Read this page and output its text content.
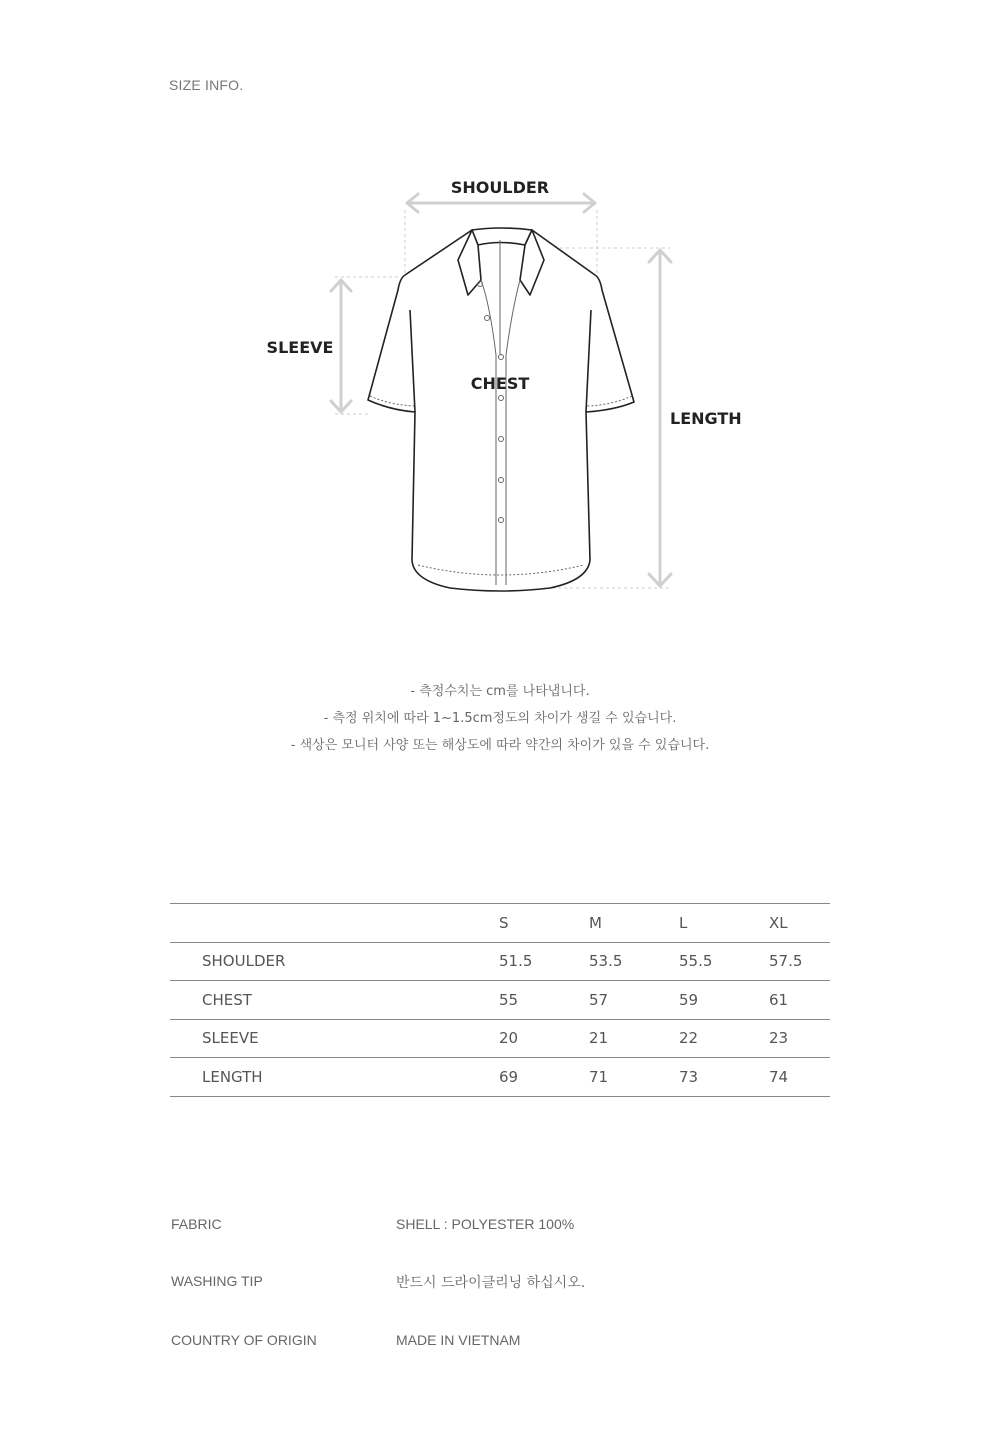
SIZE INFO.
SHOULDER
SLEEVE
CHEST
LENGTH
- 측정수치는 cm를 나타냅니다.
- 측정 위치에 따라 1~1.5cm정도의 차이가 생길 수 있습니다.
- 색상은 모니터 사양 또는 해상도에 따라 약간의 차이가 있을 수 있습니다.
	S	M	L	XL
SHOULDER	51.5	53.5	55.5	57.5
CHEST	55	57	59	61
SLEEVE	20	21	22	23
LENGTH	69	71	73	74
FABRIC	SHELL : POLYESTER 100%
WASHING TIP	반드시 드라이클리닝 하십시오.
COUNTRY OF ORIGIN	MADE IN VIETNAM
